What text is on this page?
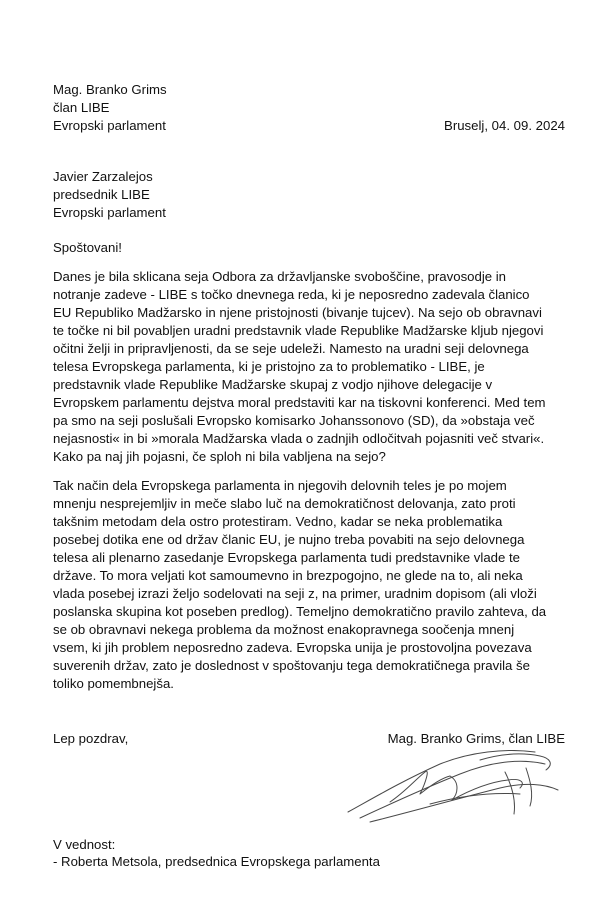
Mag. Branko Grims
član LIBE
Evropski parlament	Bruselj, 04. 09. 2024
Javier Zarzalejos
predsednik LIBE
Evropski parlament
Spoštovani!
Danes je bila sklicana seja Odbora za državljanske svoboščine, pravosodje in
notranje zadeve - LIBE s točko dnevnega reda, ki je neposredno zadevala članico
EU Republiko Madžarsko in njene pristojnosti (bivanje tujcev). Na sejo ob obravnavi
te točke ni bil povabljen uradni predstavnik vlade Republike Madžarske kljub njegovi
očitni želji in pripravljenosti, da se seje udeleži. Namesto na uradni seji delovnega
telesa Evropskega parlamenta, ki je pristojno za to problematiko - LIBE, je
predstavnik vlade Republike Madžarske skupaj z vodjo njihove delegacije v
Evropskem parlamentu dejstva moral predstaviti kar na tiskovni konferenci. Med tem
pa smo na seji poslušali Evropsko komisarko Johanssonovo (SD), da »obstaja več
nejasnosti« in bi »morala Madžarska vlada o zadnjih odločitvah pojasniti več stvari«.
Kako pa naj jih pojasni, če sploh ni bila vabljena na sejo?
Tak način dela Evropskega parlamenta in njegovih delovnih teles je po mojem
mnenju nesprejemljiv in meče slabo luč na demokratičnost delovanja, zato proti
takšnim metodam dela ostro protestiram. Vedno, kadar se neka problematika
posebej dotika ene od držav članic EU, je nujno treba povabiti na sejo delovnega
telesa ali plenarno zasedanje Evropskega parlamenta tudi predstavnike vlade te
države. To mora veljati kot samoumevno in brezpogojno, ne glede na to, ali neka
vlada posebej izrazi željo sodelovati na seji z, na primer, uradnim dopisom (ali vloži
poslanska skupina kot poseben predlog). Temeljno demokratično pravilo zahteva, da
se ob obravnavi nekega problema da možnost enakopravnega soočenja mnenj
vsem, ki jih problem neposredno zadeva. Evropska unija je prostovoljna povezava
suverenih držav, zato je doslednost v spoštovanju tega demokratičnega pravila še
toliko pomembnejša.
Lep pozdrav,	Mag. Branko Grims, član LIBE
V vednost:
- Roberta Metsola, predsednica Evropskega parlamenta
